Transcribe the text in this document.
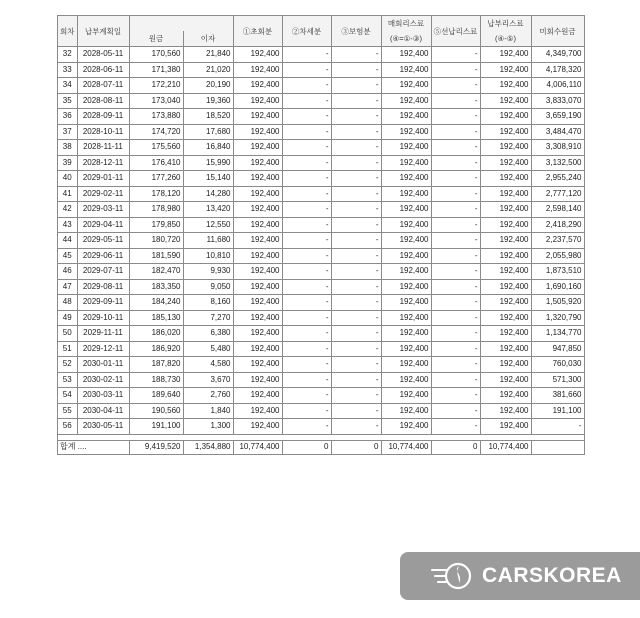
회차	납부계획일			①초회분	②차세분	③보험분	매회리스료	⑤선납리스료	납부리스료	미회수원금
		원금	이자				(④=①-③)		(④-⑤)	
32	2028-05-11	170,560	21,840	192,400	-	-	192,400	-	192,400	4,349,700
33	2028-06-11	171,380	21,020	192,400	-	-	192,400	-	192,400	4,178,320
34	2028-07-11	172,210	20,190	192,400	-	-	192,400	-	192,400	4,006,110
35	2028-08-11	173,040	19,360	192,400	-	-	192,400	-	192,400	3,833,070
36	2028-09-11	173,880	18,520	192,400	-	-	192,400	-	192,400	3,659,190
37	2028-10-11	174,720	17,680	192,400	-	-	192,400	-	192,400	3,484,470
38	2028-11-11	175,560	16,840	192,400	-	-	192,400	-	192,400	3,308,910
39	2028-12-11	176,410	15,990	192,400	-	-	192,400	-	192,400	3,132,500
40	2029-01-11	177,260	15,140	192,400	-	-	192,400	-	192,400	2,955,240
41	2029-02-11	178,120	14,280	192,400	-	-	192,400	-	192,400	2,777,120
42	2029-03-11	178,980	13,420	192,400	-	-	192,400	-	192,400	2,598,140
43	2029-04-11	179,850	12,550	192,400	-	-	192,400	-	192,400	2,418,290
44	2029-05-11	180,720	11,680	192,400	-	-	192,400	-	192,400	2,237,570
45	2029-06-11	181,590	10,810	192,400	-	-	192,400	-	192,400	2,055,980
46	2029-07-11	182,470	9,930	192,400	-	-	192,400	-	192,400	1,873,510
47	2029-08-11	183,350	9,050	192,400	-	-	192,400	-	192,400	1,690,160
48	2029-09-11	184,240	8,160	192,400	-	-	192,400	-	192,400	1,505,920
49	2029-10-11	185,130	7,270	192,400	-	-	192,400	-	192,400	1,320,790
50	2029-11-11	186,020	6,380	192,400	-	-	192,400	-	192,400	1,134,770
51	2029-12-11	186,920	5,480	192,400	-	-	192,400	-	192,400	947,850
52	2030-01-11	187,820	4,580	192,400	-	-	192,400	-	192,400	760,030
53	2030-02-11	188,730	3,670	192,400	-	-	192,400	-	192,400	571,300
54	2030-03-11	189,640	2,760	192,400	-	-	192,400	-	192,400	381,660
55	2030-04-11	190,560	1,840	192,400	-	-	192,400	-	192,400	191,100
56	2030-05-11	191,100	1,300	192,400	-	-	192,400	-	192,400	-

합계 ....		9,419,520	1,354,880	10,774,400	0	0	10,774,400	0	10,774,400	
CARSKOREA
